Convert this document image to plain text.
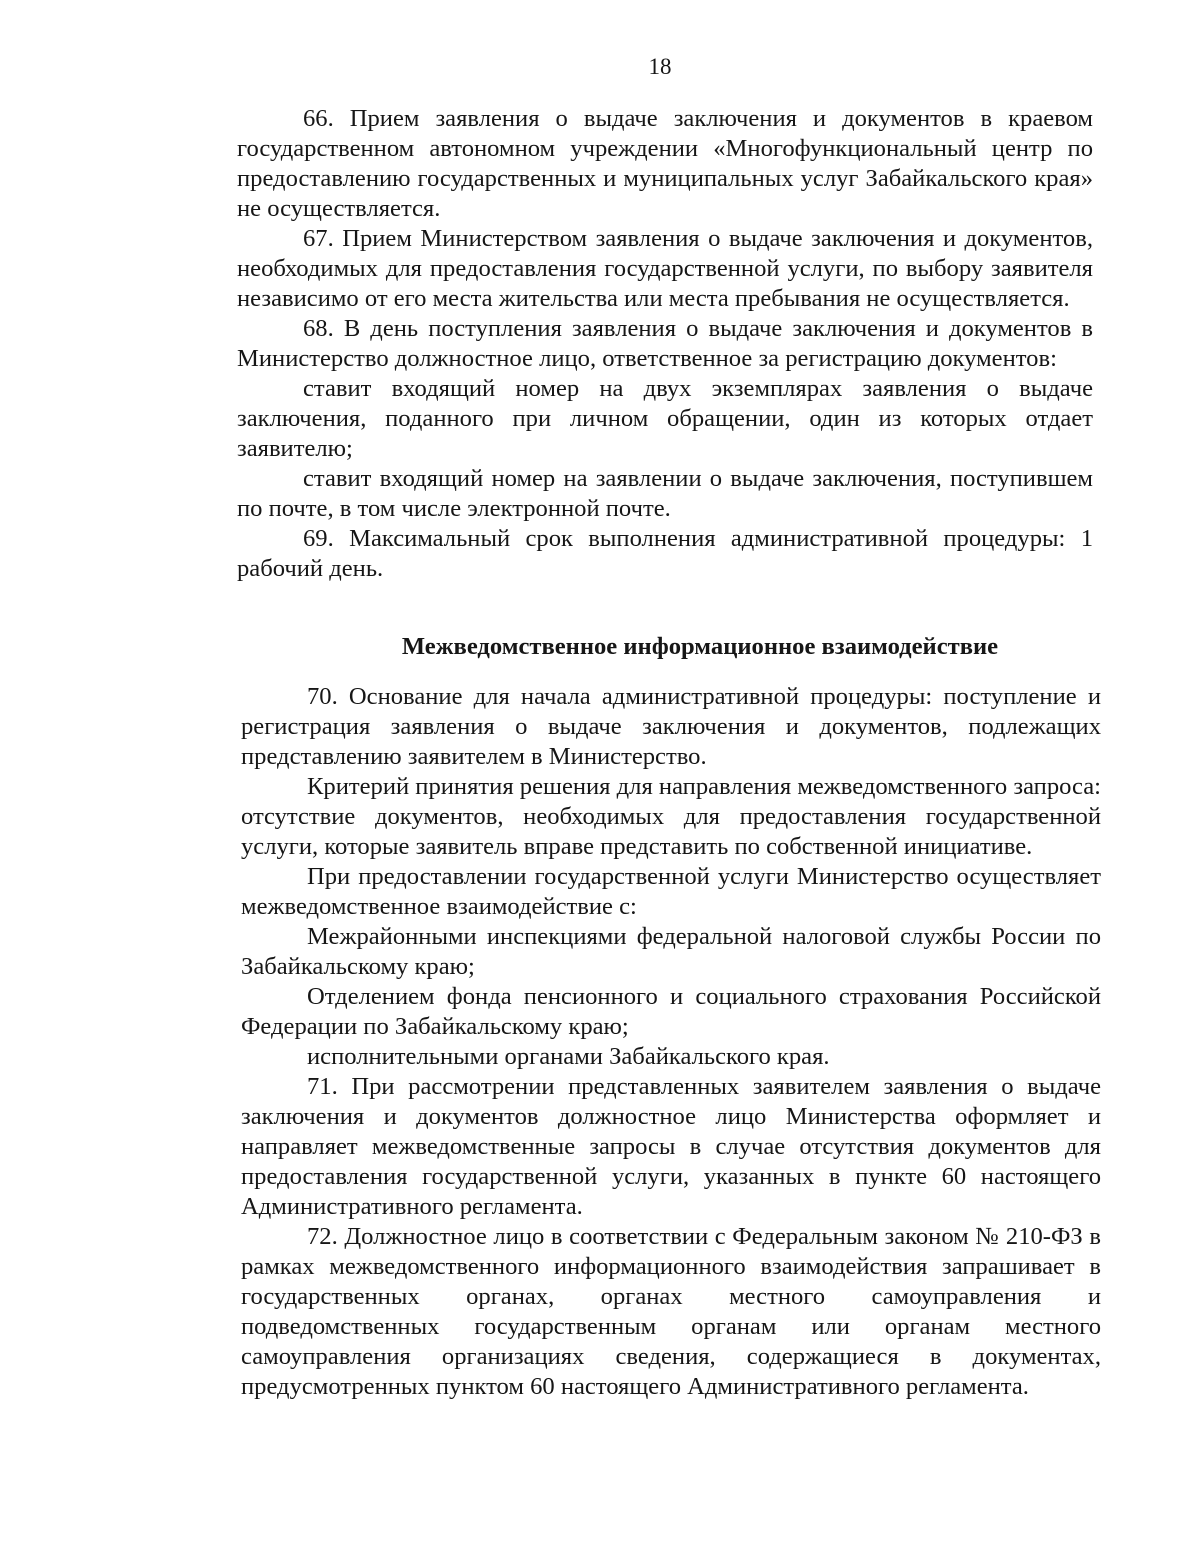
18

66. Прием заявления о выдаче заключения и документов в краевом государственном автономном учреждении «Многофункциональный центр по предоставлению государственных и муниципальных услуг Забайкальского края» не осуществляется.

67. Прием Министерством заявления о выдаче заключения и документов, необходимых для предоставления государственной услуги, по выбору заявителя независимо от его места жительства или места пребывания не осуществляется.

68. В день поступления заявления о выдаче заключения и документов в Министерство должностное лицо, ответственное за регистрацию документов:

ставит входящий номер на двух экземплярах заявления о выдаче заключения, поданного при личном обращении, один из которых отдает заявителю;

ставит входящий номер на заявлении о выдаче заключения, поступившем по почте, в том числе электронной почте.

69. Максимальный срок выполнения административной процедуры: 1 рабочий день.

Межведомственное информационное взаимодействие

70. Основание для начала административной процедуры: поступление и регистрация заявления о выдаче заключения и документов, подлежащих представлению заявителем в Министерство.

Критерий принятия решения для направления межведомственного запроса: отсутствие документов, необходимых для предоставления государственной услуги, которые заявитель вправе представить по собственной инициативе.

При предоставлении государственной услуги Министерство осуществляет межведомственное взаимодействие с:

Межрайонными инспекциями федеральной налоговой службы России по Забайкальскому краю;

Отделением фонда пенсионного и социального страхования Российской Федерации по Забайкальскому краю;

исполнительными органами Забайкальского края.

71. При рассмотрении представленных заявителем заявления о выдаче заключения и документов должностное лицо Министерства оформляет и направляет межведомственные запросы в случае отсутствия документов для предоставления государственной услуги, указанных в пункте 60 настоящего Административного регламента.

72. Должностное лицо в соответствии с Федеральным законом № 210-ФЗ в рамках межведомственного информационного взаимодействия запрашивает в государственных органах, органах местного самоуправления и подведомственных государственным органам или органам местного самоуправления организациях сведения, содержащиеся в документах, предусмотренных пунктом 60 настоящего Административного регламента.
